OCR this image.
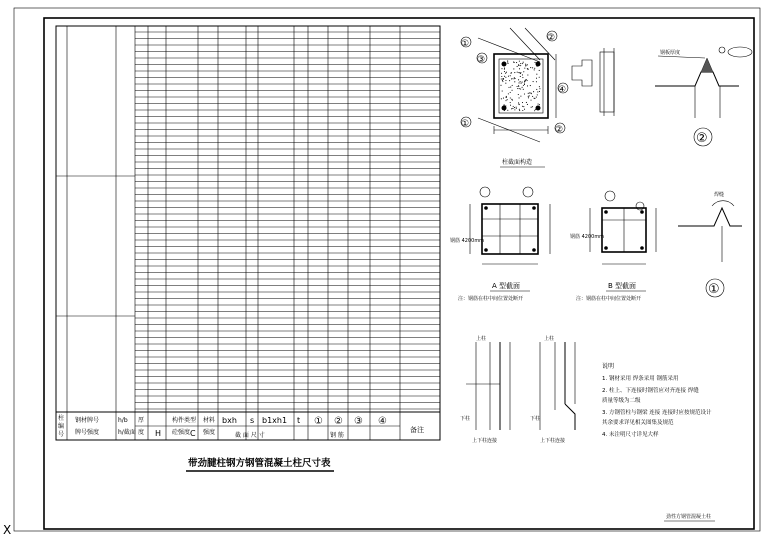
X
柱
编
号
钢材牌号
牌号强度
h/b
h/截面
厚
度
构件类型
砼强度
材料
强度
H	C
bxh s b1xh1 t ① ② ③ ④
备注
截 面 尺 寸	钢 筋
带劲腱柱钢方钢管混凝土柱尺寸表
①
②
③
④
①
②
柱截面构造
钢板厚度
②
钢筋 4200mm
A 型截面
注：钢筋在柱中间位置处断开
钢筋 4200mm
B 型截面
注：钢筋在柱中间位置处断开
焊缝
①
上柱
下柱
上下柱连接
上柱
下柱
上下柱连接
说明
1. 钢材采用 焊条采用 钢筋采用
2. 柱上、下连接时钢管应对齐连接 焊缝
质量等级为二级
3. 方钢管柱与钢梁 连接 连接时应按规范设计
其余要求详见相关图集及规范
4. 未注明尺寸详见大样
劲性方钢管混凝土柱
